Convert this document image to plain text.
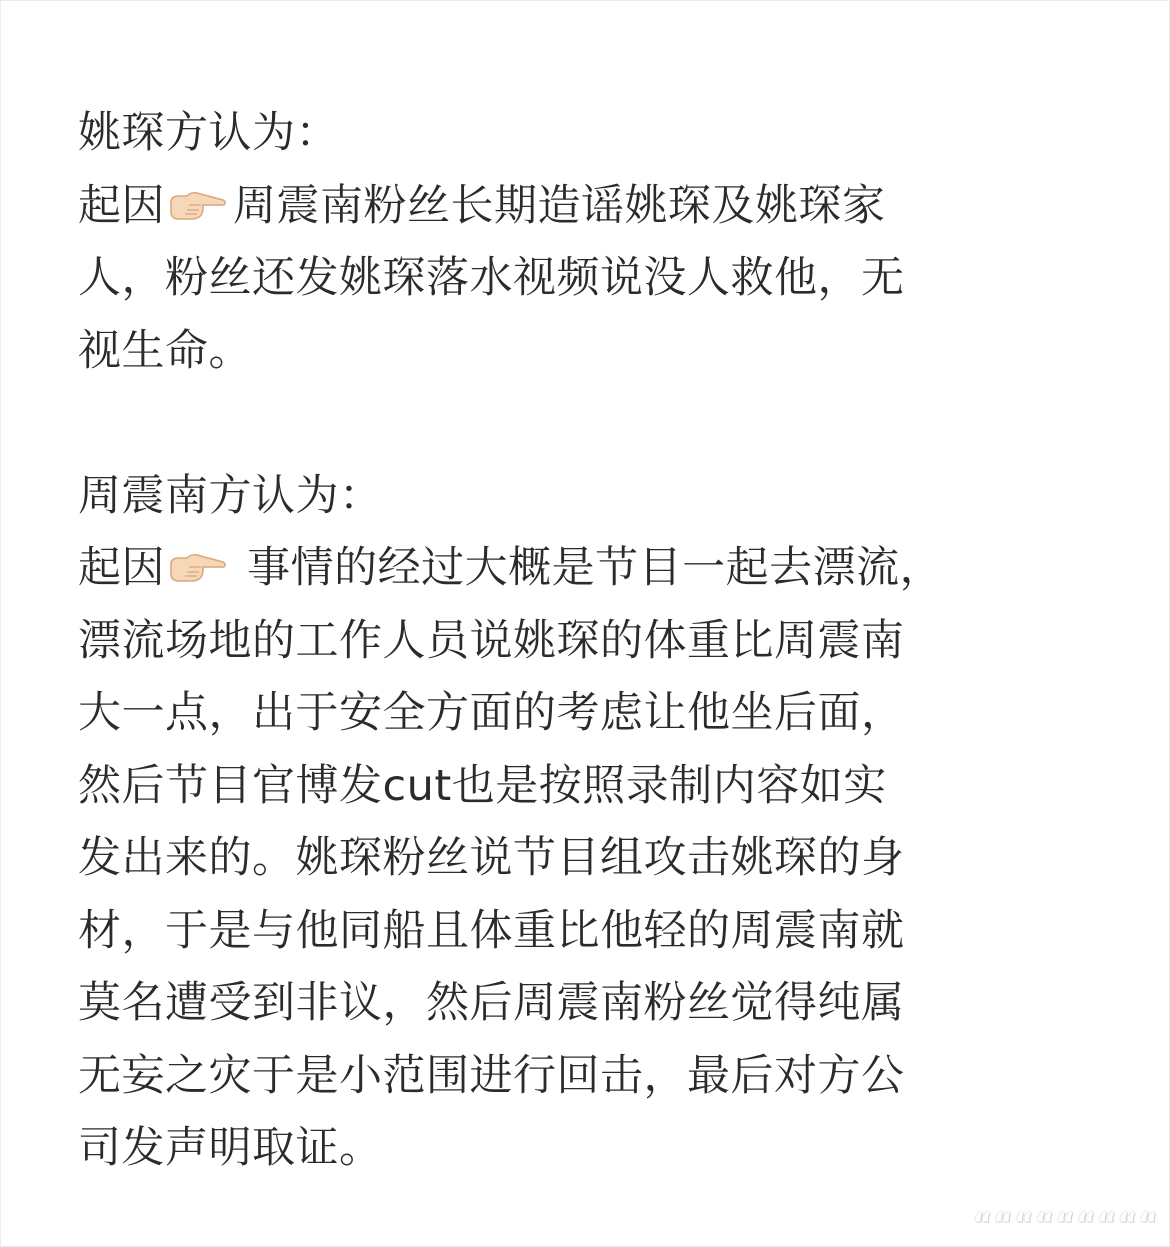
姚琛方认为：
起因 周震南粉丝长期造谣姚琛及姚琛家
人，粉丝还发姚琛落水视频说没人救他，无
视生命。
周震南方认为：
起因 事情的经过大概是节目一起去漂流，
漂流场地的工作人员说姚琛的体重比周震南
大一点，出于安全方面的考虑让他坐后面，
然后节目官博发cut也是按照录制内容如实
发出来的。姚琛粉丝说节目组攻击姚琛的身
材，于是与他同船且体重比他轻的周震南就
莫名遭受到非议，然后周震南粉丝觉得纯属
无妄之灾于是小范围进行回击，最后对方公
司发声明取证。
“““““““““
